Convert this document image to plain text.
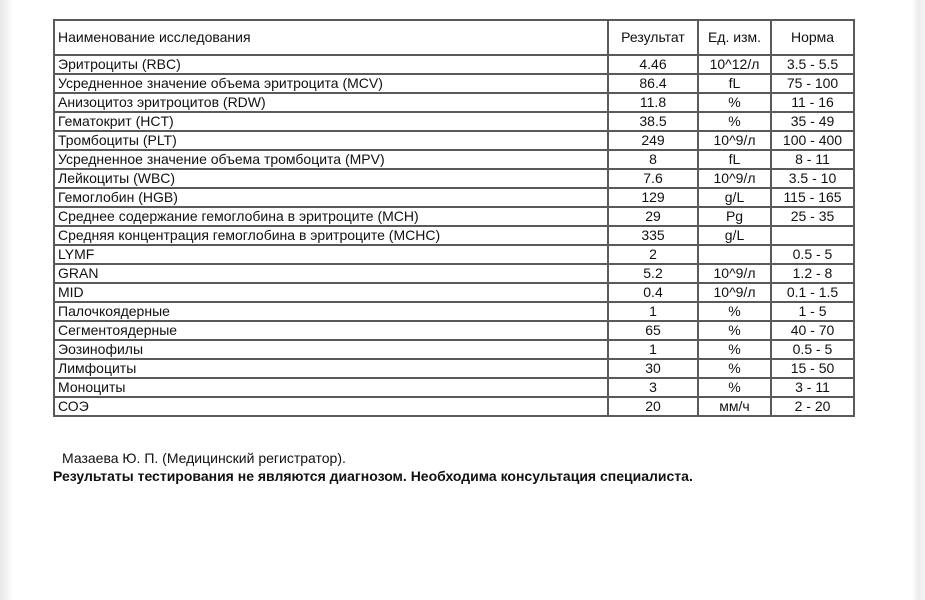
Наименование исследования	Результат	Ед. изм.	Норма
Эритроциты (RBC)	4.46	10^12/л	3.5 - 5.5
Усредненное значение объема эритроцита (MCV)	86.4	fL	75 - 100
Анизоцитоз эритроцитов (RDW)	11.8	%	11 - 16
Гематокрит (HCT)	38.5	%	35 - 49
Тромбоциты (PLT)	249	10^9/л	100 - 400
Усредненное значение объема тромбоцита (MPV)	8	fL	8 - 11
Лейкоциты (WBC)	7.6	10^9/л	3.5 - 10
Гемоглобин (HGB)	129	g/L	115 - 165
Среднее содержание гемоглобина в эритроците (MCH)	29	Pg	25 - 35
Средняя концентрация гемоглобина в эритроците (MCHC)	335	g/L	
LYMF	2		0.5 - 5
GRAN	5.2	10^9/л	1.2 - 8
MID	0.4	10^9/л	0.1 - 1.5
Палочкоядерные	1	%	1 - 5
Сегментоядерные	65	%	40 - 70
Эозинофилы	1	%	0.5 - 5
Лимфоциты	30	%	15 - 50
Моноциты	3	%	3 - 11
СОЭ	20	мм/ч	2 - 20
Мазаева Ю. П. (Медицинский регистратор).
Результаты тестирования не являются диагнозом. Необходима консультация специалиста.
